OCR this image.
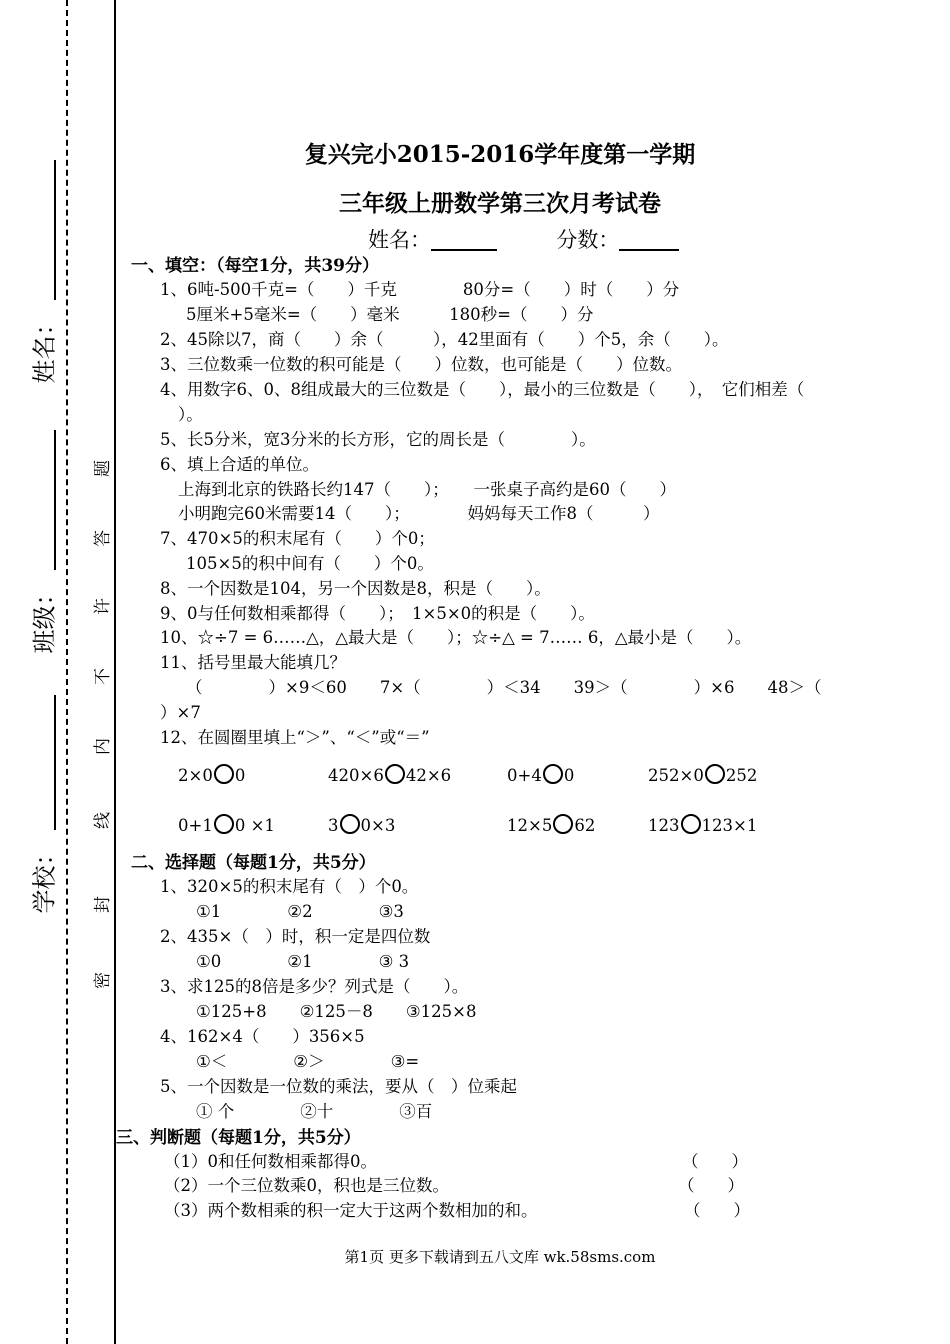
姓名：
班级：
学校：
密
封
线
内
不
许
答
题
复兴完小2015-2016学年度第一学期
三年级上册数学第三次月考试卷
姓名：	分数：
一、填空：（每空1分，共39分）
1、6吨-500千克=（　　）千克　　　　80分=（　　）时（　　）分
5厘米+5毫米=（　　）毫米　　　180秒=（　　）分
2、45除以7，商（　　）余（　　　），42里面有（　　）个5，余（　　）。
3、三位数乘一位数的积可能是（　　）位数，也可能是（　　）位数。
4、用数字6、0、8组成最大的三位数是（　　），最小的三位数是（　　），　它们相差（
）。
5、长5分米，宽3分米的长方形，它的周长是（　　　　）。
6、填上合适的单位。
上海到北京的铁路长约147（　　）；　　一张桌子高约是60（　　）
小明跑完60米需要14（　　）；　　　　妈妈每天工作8（　　　）
7、470×5的积末尾有（　　）个0；
105×5的积中间有（　　）个0。
8、一个因数是104，另一个因数是8，积是（　　）。
9、0与任何数相乘都得（　　）；　1×5×0的积是（　　）。
10、☆÷7 = 6……△，△最大是（　　）；☆÷△ = 7…… 6，△最小是（　　）。
11、括号里最大能填几？
（　　　　）×9＜60　　7×（　　　　）＜34　　39＞（　　　　）×6　　48＞（
）×7
12、在圆圈里填上“＞”、“＜”或“＝”
2×0 0	420×6 42×6	0+4 0	252×0 252
0+1 0 ×1	3 0×3	12×5 62	123 123×1
二、选择题（每题1分，共5分）
1、320×5的积末尾有（　）个0。
①1　　　　②2　　　　③3
2、435×（　）时，积一定是四位数
①0　　　　②1　　　　③ 3
3、求125的8倍是多少？列式是（　　）。
①125+8　　②125－8　　③125×8
4、162×4（　　）356×5
①＜　　　　②＞　　　　③=
5、一个因数是一位数的乘法，要从（　）位乘起
① 个　　　　②十　　　　③百
三、判断题（每题1分，共5分）
（1）0和任何数相乘都得0。	（　　）
（2）一个三位数乘0，积也是三位数。	（　　）
（3）两个数相乘的积一定大于这两个数相加的和。	（　　）
第1页 更多下载请到五八文库 wk.58sms.com
